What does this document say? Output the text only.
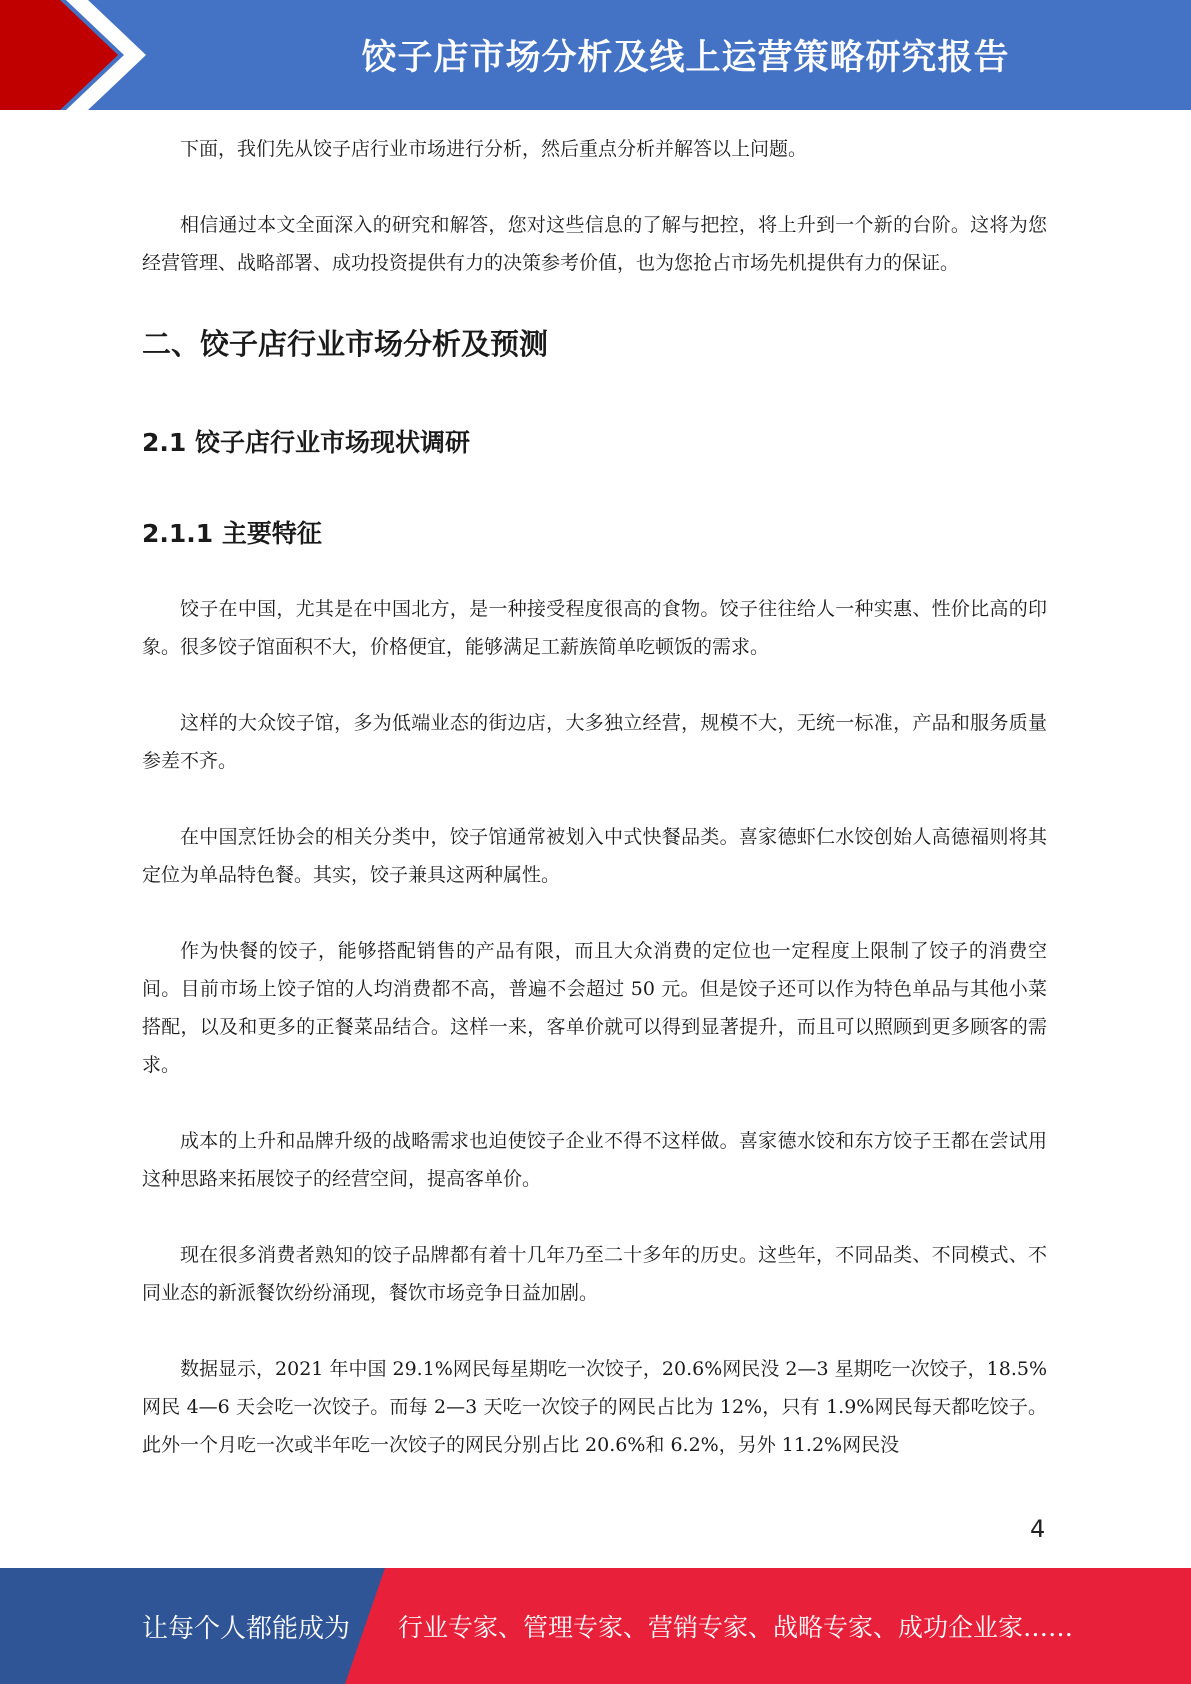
饺子店市场分析及线上运营策略研究报告

下面，我们先从饺子店行业市场进行分析，然后重点分析并解答以上问题。

相信通过本文全面深入的研究和解答，您对这些信息的了解与把控，将上升到一个新的台阶。这将为您经营管理、战略部署、成功投资提供有力的决策参考价值，也为您抢占市场先机提供有力的保证。

二、饺子店行业市场分析及预测
2.1 饺子店行业市场现状调研
2.1.1 主要特征

饺子在中国，尤其是在中国北方，是一种接受程度很高的食物。饺子往往给人一种实惠、性价比高的印象。很多饺子馆面积不大，价格便宜，能够满足工薪族简单吃顿饭的需求。

这样的大众饺子馆，多为低端业态的街边店，大多独立经营，规模不大，无统一标准，产品和服务质量参差不齐。

在中国烹饪协会的相关分类中，饺子馆通常被划入中式快餐品类。喜家德虾仁水饺创始人高德福则将其定位为单品特色餐。其实，饺子兼具这两种属性。

作为快餐的饺子，能够搭配销售的产品有限，而且大众消费的定位也一定程度上限制了饺子的消费空间。目前市场上饺子馆的人均消费都不高，普遍不会超过 50 元。但是饺子还可以作为特色单品与其他小菜搭配，以及和更多的正餐菜品结合。这样一来，客单价就可以得到显著提升，而且可以照顾到更多顾客的需求。

成本的上升和品牌升级的战略需求也迫使饺子企业不得不这样做。喜家德水饺和东方饺子王都在尝试用这种思路来拓展饺子的经营空间，提高客单价。

现在很多消费者熟知的饺子品牌都有着十几年乃至二十多年的历史。这些年，不同品类、不同模式、不同业态的新派餐饮纷纷涌现，餐饮市场竞争日益加剧。

数据显示，2021 年中国 29.1%网民每星期吃一次饺子，20.6%网民没 2—3 星期吃一次饺子，18.5%网民 4—6 天会吃一次饺子。而每 2—3 天吃一次饺子的网民占比为 12%，只有 1.9%网民每天都吃饺子。此外一个月吃一次或半年吃一次饺子的网民分别占比 20.6%和 6.2%，另外 11.2%网民没

4
让每个人都能成为 行业专家、管理专家、营销专家、战略专家、成功企业家……
